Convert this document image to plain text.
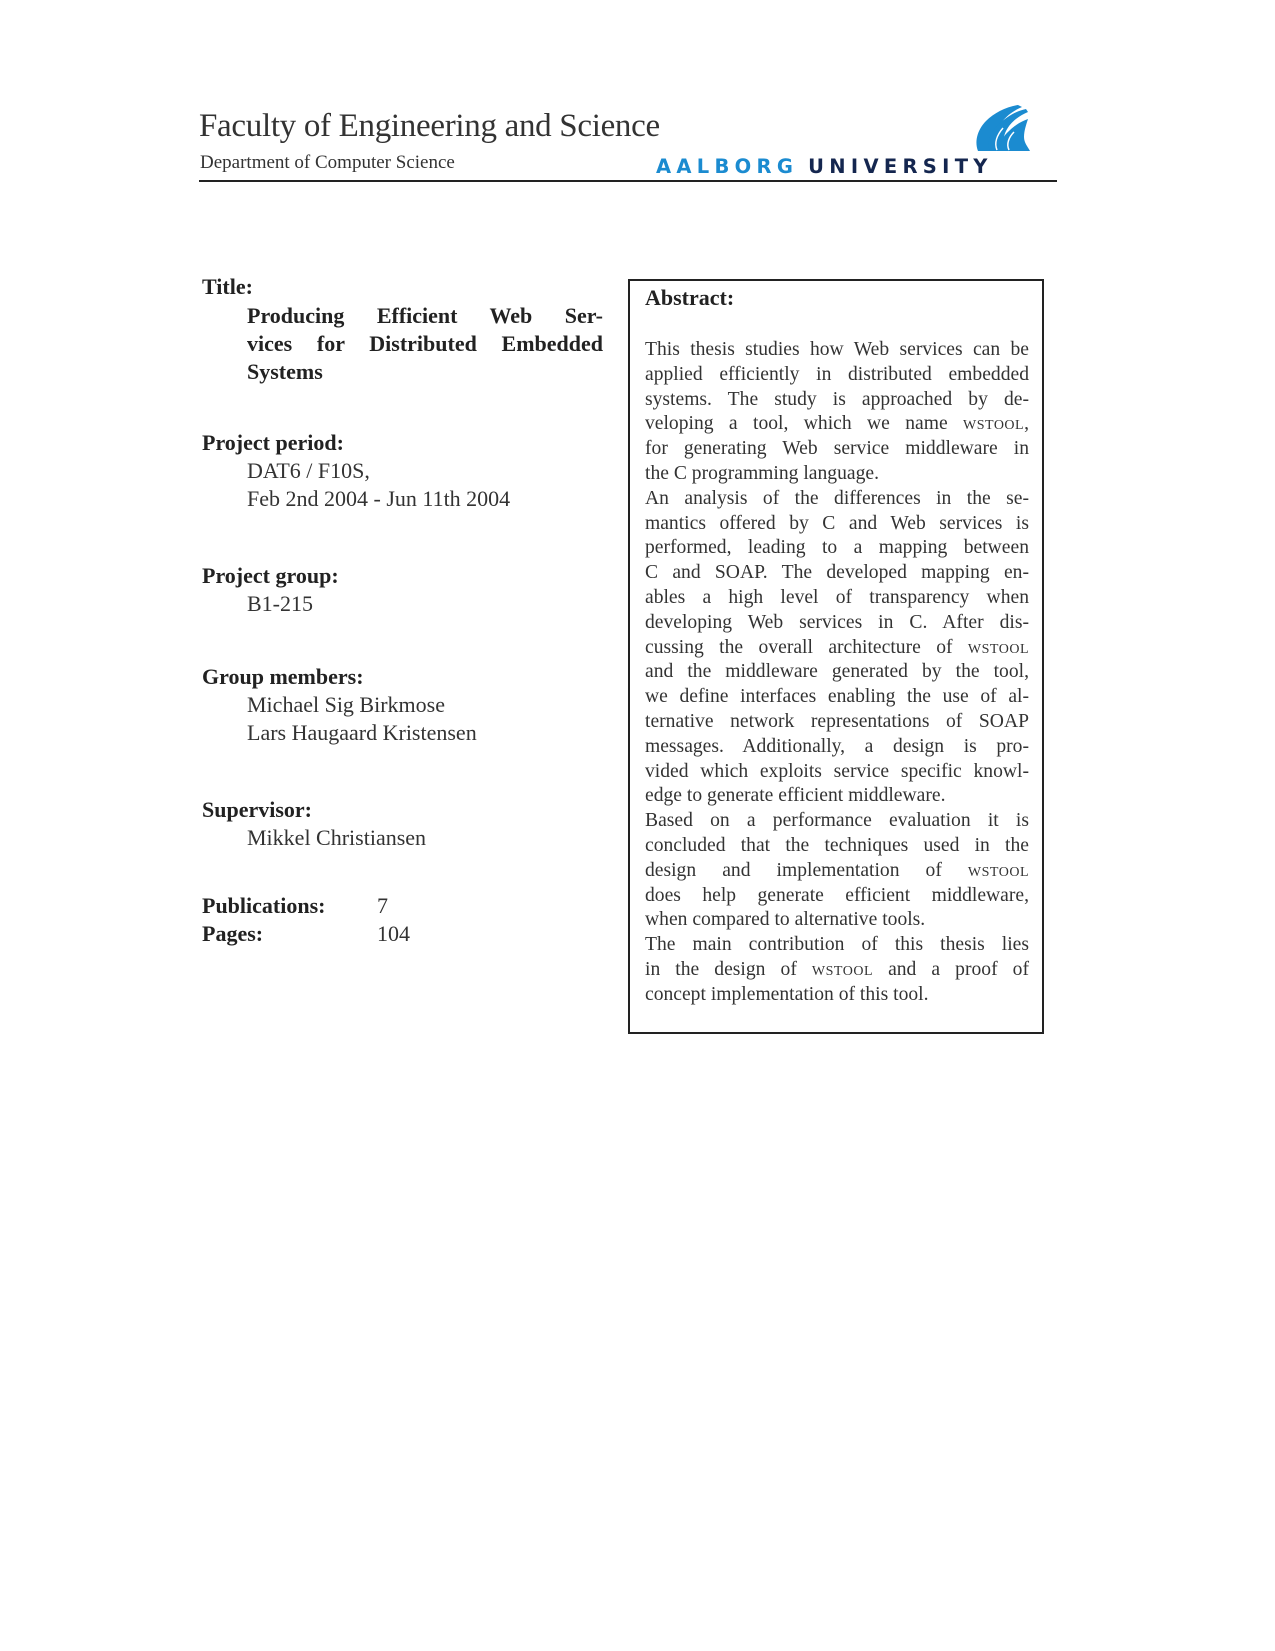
Faculty of Engineering and Science
Department of Computer Science	AALBORG UNIVERSITY
Title:
Producing Efficient Web Ser-
vices for Distributed Embedded
Systems
Project period:
DAT6 / F10S,
Feb 2nd 2004 - Jun 11th 2004
Project group:
B1-215
Group members:
Michael Sig Birkmose
Lars Haugaard Kristensen
Supervisor:
Mikkel Christiansen
Publications: 7
Pages:	104
Abstract:
This thesis studies how Web services can be
applied efficiently in distributed embedded
systems. The study is approached by de-
veloping a tool, which we name wstool,
for generating Web service middleware in
the C programming language.
An analysis of the differences in the se-
mantics offered by C and Web services is
performed, leading to a mapping between
C and SOAP. The developed mapping en-
ables a high level of transparency when
developing Web services in C. After dis-
cussing the overall architecture of wstool
and the middleware generated by the tool,
we define interfaces enabling the use of al-
ternative network representations of SOAP
messages. Additionally, a design is pro-
vided which exploits service specific knowl-
edge to generate efficient middleware.
Based on a performance evaluation it is
concluded that the techniques used in the
design and implementation of wstool
does help generate efficient middleware,
when compared to alternative tools.
The main contribution of this thesis lies
in the design of wstool and a proof of
concept implementation of this tool.
